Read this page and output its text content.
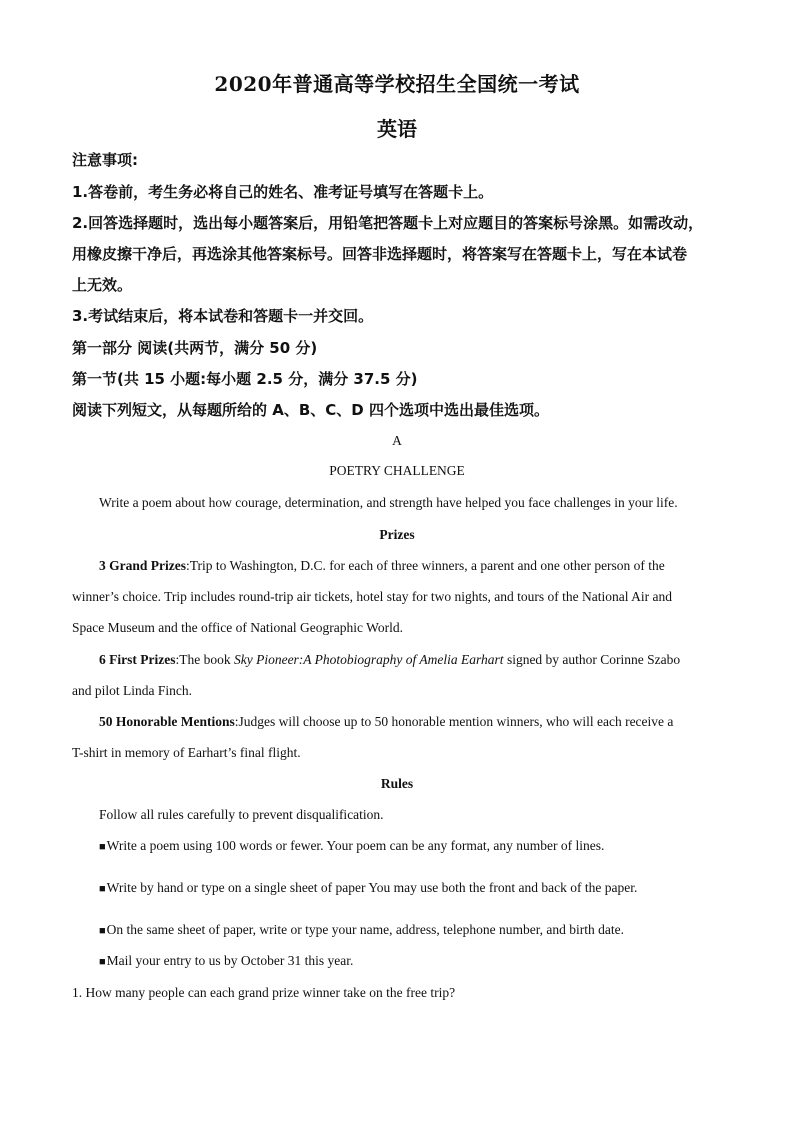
2020年普通高等学校招生全国统一考试
英语
注意事项:
1.答卷前，考生务必将自己的姓名、准考证号填写在答题卡上。
2.回答选择题时，选出每小题答案后，用铅笔把答题卡上对应题目的答案标号涂黑。如需改动，
用橡皮擦干净后，再选涂其他答案标号。回答非选择题时，将答案写在答题卡上，写在本试卷
上无效。
3.考试结束后，将本试卷和答题卡一并交回。
第一部分 阅读(共两节，满分 50 分)
第一节(共 15 小题:每小题 2.5 分，满分 37.5 分)
阅读下列短文，从每题所给的 A、B、C、D 四个选项中选出最佳选项。
A
POETRY CHALLENGE
Write a poem about how courage, determination, and strength have helped you face challenges in your life.
Prizes
3 Grand Prizes:Trip to Washington, D.C. for each of three winners, a parent and one other person of the
winner’s choice. Trip includes round-trip air tickets, hotel stay for two nights, and tours of the National Air and
Space Museum and the office of National Geographic World.
6 First Prizes:The book Sky Pioneer:A Photobiography of Amelia Earhart signed by author Corinne Szabo
and pilot Linda Finch.
50 Honorable Mentions:Judges will choose up to 50 honorable mention winners, who will each receive a
T-shirt in memory of Earhart’s final flight.
Rules
Follow all rules carefully to prevent disqualification.
■Write a poem using 100 words or fewer. Your poem can be any format, any number of lines.
■Write by hand or type on a single sheet of paper You may use both the front and back of the paper.
■On the same sheet of paper, write or type your name, address, telephone number, and birth date.
■Mail your entry to us by October 31 this year.
1. How many people can each grand prize winner take on the free trip?
